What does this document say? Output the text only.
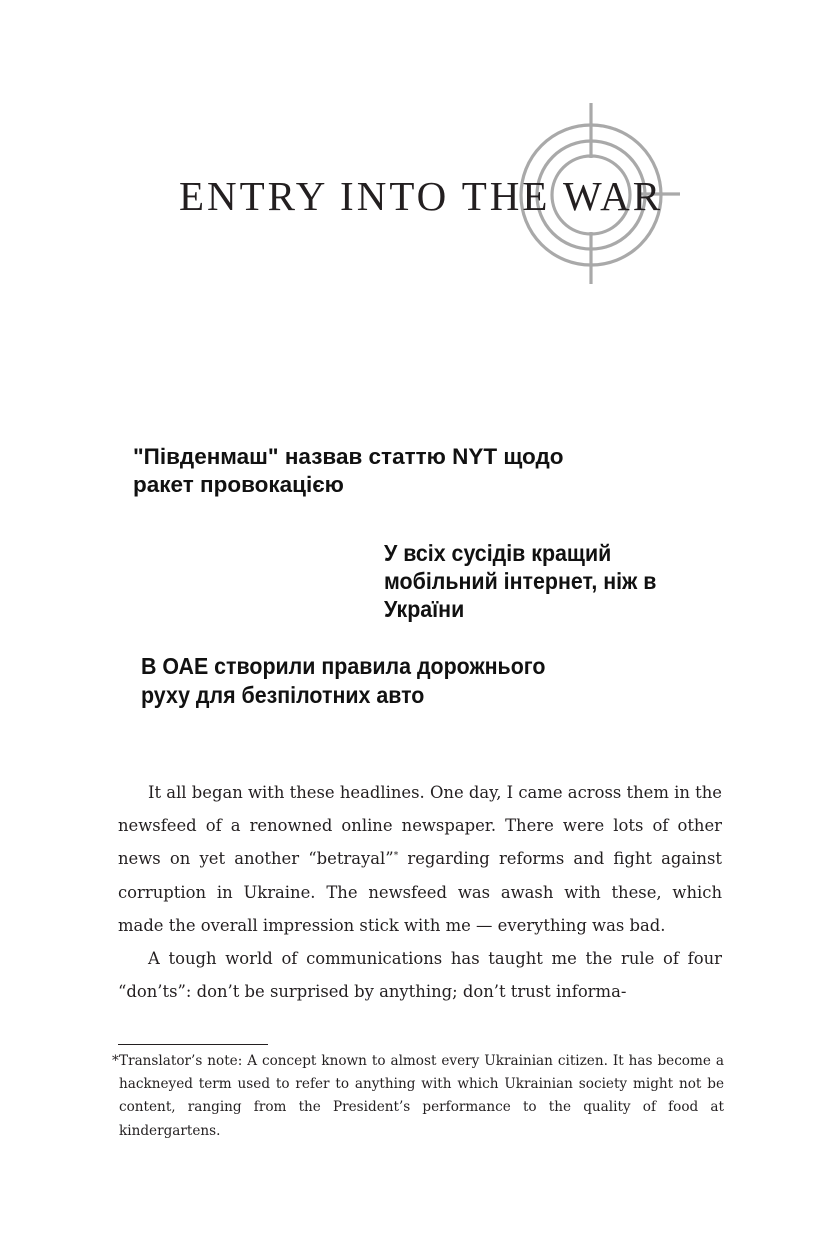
ENTRY INTO THE WAR
"Південмаш" назвав статтю NYT щодо ракет провокацією
У всіх сусідів кращий мобільний інтернет, ніж в України
В ОАЕ створили правила дорожнього руху для безпілотних авто

It all began with these headlines. One day, I came across them in the newsfeed of a renowned online newspaper. There were lots of other news on yet another “betrayal”* regarding reforms and fight against corruption in Ukraine. The newsfeed was awash with these, which made the overall impression stick with me — everything was bad.

A tough world of communications has taught me the rule of four “don’ts”: don’t be surprised by anything; don’t trust informa-

* Translator’s note: A concept known to almost every Ukrainian citizen. It has become a hackneyed term used to refer to anything with which Ukrainian society might not be content, ranging from the President’s performance to the quality of food at kindergartens.
